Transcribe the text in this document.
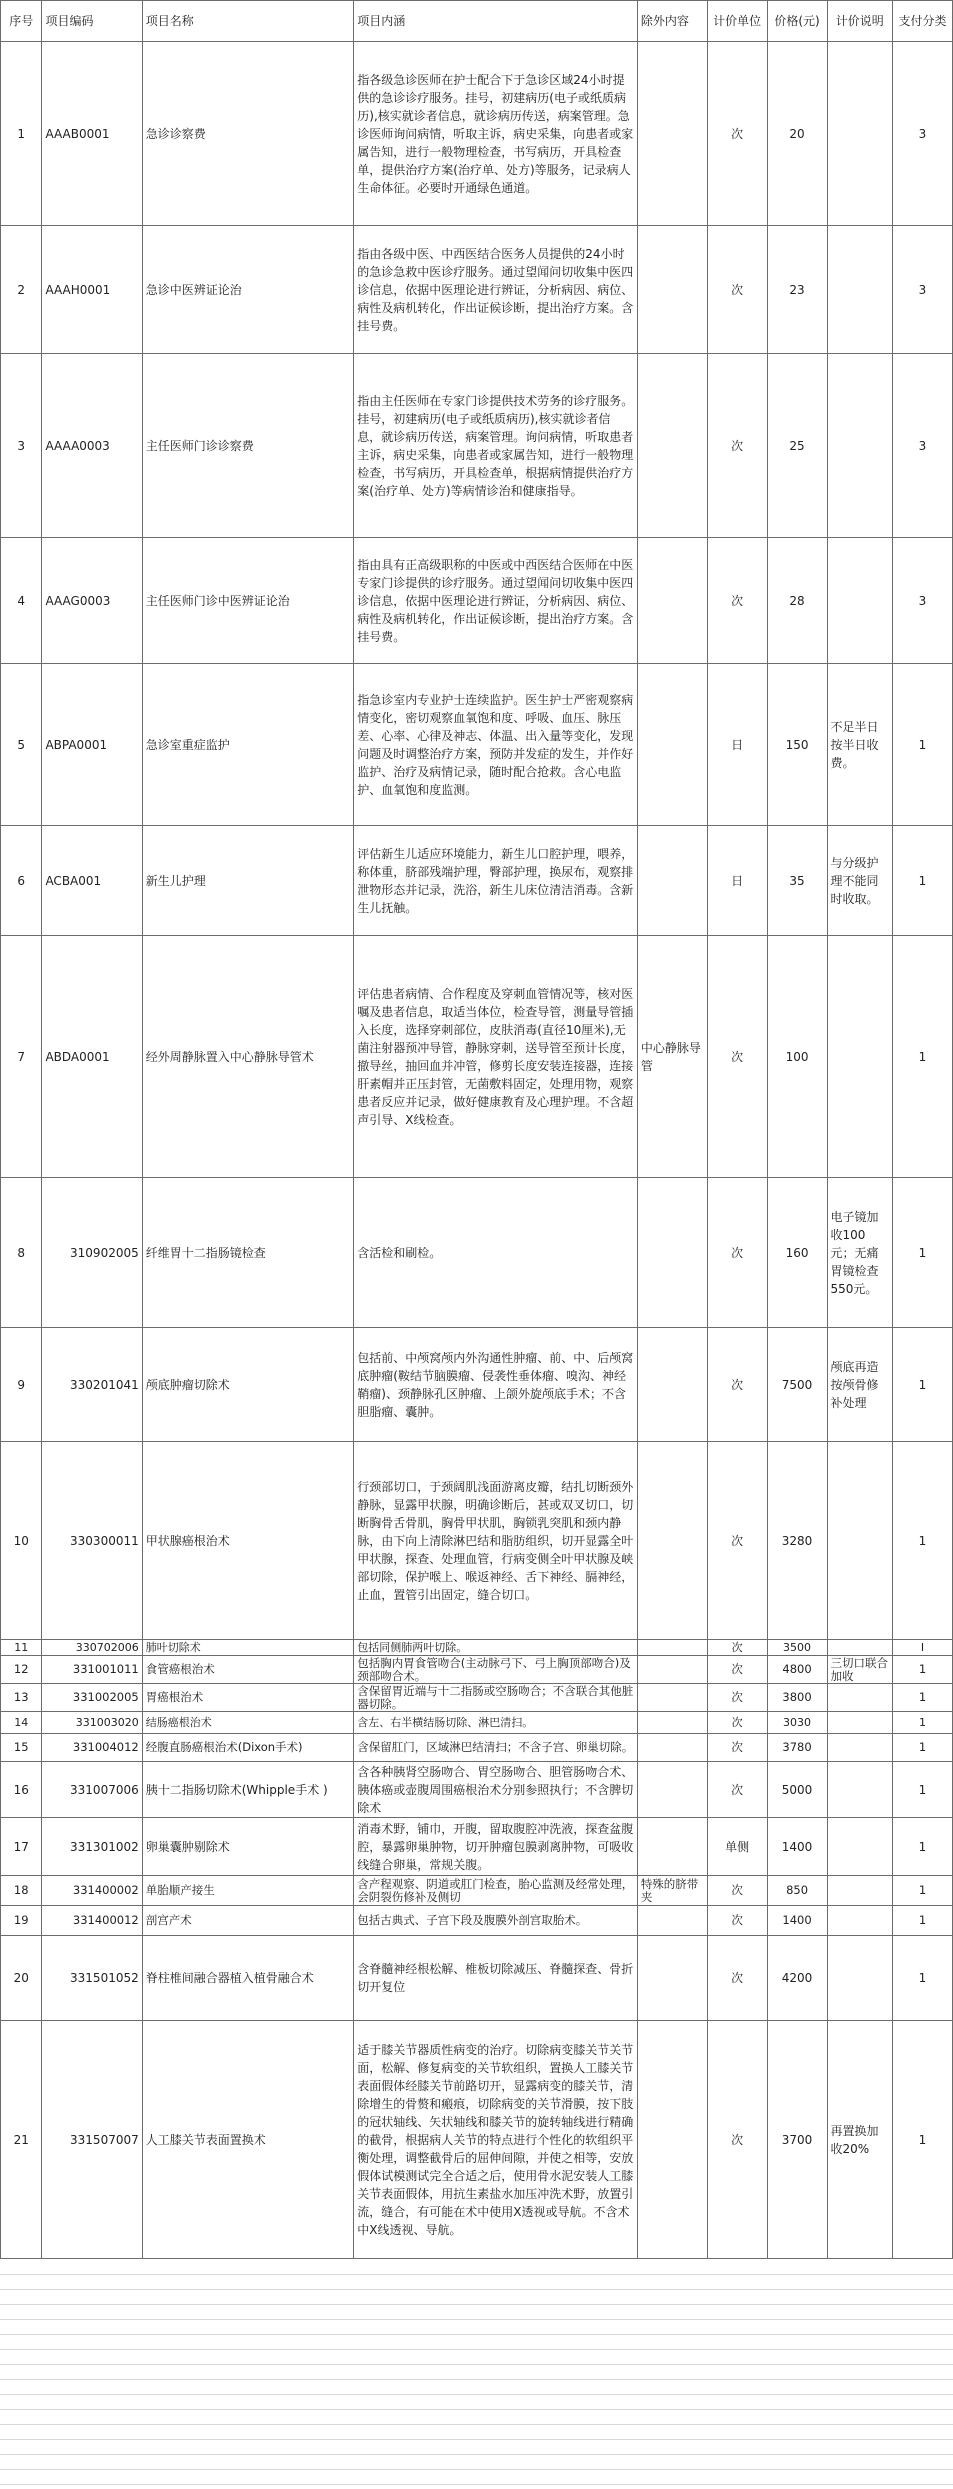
序号	项目编码	项目名称	项目内涵	除外内容	计价单位	价格(元)	计价说明	支付分类
1	AAAB0001	急诊诊察费	指各级急诊医师在护士配合下于急诊区域24小时提供的急诊诊疗服务。挂号，初建病历(电子或纸质病历),核实就诊者信息，就诊病历传送，病案管理。急诊医师询问病情，听取主诉，病史采集，向患者或家属告知，进行一般物理检查，书写病历，开具检查单，提供治疗方案(治疗单、处方)等服务，记录病人生命体征。必要时开通绿色通道。		次	20		3
2	AAAH0001	急诊中医辨证论治	指由各级中医、中西医结合医务人员提供的24小时的急诊急救中医诊疗服务。通过望闻问切收集中医四诊信息，依据中医理论进行辨证，分析病因、病位、病性及病机转化，作出证候诊断，提出治疗方案。含挂号费。		次	23		3
3	AAAA0003	主任医师门诊诊察费	指由主任医师在专家门诊提供技术劳务的诊疗服务。挂号，初建病历(电子或纸质病历),核实就诊者信息，就诊病历传送，病案管理。询问病情，听取患者主诉，病史采集，向患者或家属告知，进行一般物理检查，书写病历，开具检查单，根据病情提供治疗方案(治疗单、处方)等病情诊治和健康指导。		次	25		3
4	AAAG0003	主任医师门诊中医辨证论治	指由具有正高级职称的中医或中西医结合医师在中医专家门诊提供的诊疗服务。通过望闻问切收集中医四诊信息，依据中医理论进行辨证，分析病因、病位、病性及病机转化，作出证候诊断，提出治疗方案。含挂号费。		次	28		3
5	ABPA0001	急诊室重症监护	指急诊室内专业护士连续监护。医生护士严密观察病情变化，密切观察血氧饱和度、呼吸、血压、脉压差、心率、心律及神志、体温、出入量等变化，发现问题及时调整治疗方案，预防并发症的发生，并作好监护、治疗及病情记录，随时配合抢救。含心电监护、血氧饱和度监测。		日	150	不足半日按半日收费。	1
6	ACBA001	新生儿护理	评估新生儿适应环境能力，新生儿口腔护理，喂养，称体重，脐部残端护理，臀部护理，换尿布，观察排泄物形态并记录，洗浴，新生儿床位清洁消毒。含新生儿抚触。		日	35	与分级护理不能同时收取。	1
7	ABDA0001	经外周静脉置入中心静脉导管术	评估患者病情、合作程度及穿刺血管情况等，核对医嘱及患者信息，取适当体位，检查导管，测量导管插入长度，选择穿刺部位，皮肤消毒(直径10厘米),无菌注射器预冲导管，静脉穿刺，送导管至预计长度，撤导丝，抽回血并冲管，修剪长度安装连接器，连接肝素帽并正压封管，无菌敷料固定，处理用物，观察患者反应并记录，做好健康教育及心理护理。不含超声引导、X线检查。	中心静脉导管	次	100		1
8	310902005	纤维胃十二指肠镜检查	含活检和刷检。		次	160	电子镜加收100元；无痛胃镜检查550元。	1
9	330201041	颅底肿瘤切除术	包括前、中颅窝颅内外沟通性肿瘤、前、中、后颅窝底肿瘤(鞍结节脑膜瘤、侵袭性垂体瘤、嗅沟、神经鞘瘤)、颈静脉孔区肿瘤、上颌外旋颅底手术；不含胆脂瘤、囊肿。		次	7500	颅底再造按颅骨修补处理	1
10	330300011	甲状腺癌根治术	行颈部切口，于颈阔肌浅面游离皮瓣，结扎切断颈外静脉，显露甲状腺，明确诊断后，甚或双叉切口，切断胸骨舌骨肌，胸骨甲状肌，胸锁乳突肌和颈内静脉，由下向上清除淋巴结和脂肪组织，切开显露全叶甲状腺，探查、处理血管，行病变侧全叶甲状腺及峡部切除，保护喉上、喉返神经、舌下神经、膈神经，止血，置管引出固定，缝合切口。		次	3280		1
11	330702006	肺叶切除术	包括同侧肺两叶切除。		次	3500		I
12	331001011	食管癌根治术	包括胸内胃食管吻合(主动脉弓下、弓上胸顶部吻合)及颈部吻合术。		次	4800	三切口联合加收	1
13	331002005	胃癌根治术	含保留胃近端与十二指肠或空肠吻合；不含联合其他脏器切除。		次	3800		1
14	331003020	结肠癌根治术	含左、右半横结肠切除、淋巴清扫。		次	3030		1
15	331004012	经腹直肠癌根治术(Dixon手术)	含保留肛门，区域淋巴结清扫；不含子宫、卵巢切除。		次	3780		1
16	331007006	胰十二指肠切除术(Whipple手术 )	含各种胰肾空肠吻合、胃空肠吻合、胆管肠吻合术、胰体癌或壶腹周围癌根治术分别参照执行；不含脾切除术		次	5000		1
17	331301002	卵巢囊肿剔除术	消毒术野，铺巾，开腹，留取腹腔冲洗液，探查盆腹腔，暴露卵巢肿物，切开肿瘤包膜剥离肿物，可吸收线缝合卵巢，常规关腹。		单侧	1400		1
18	331400002	单胎顺产接生	含产程观察、阴道或肛门检查，胎心监测及经常处理，会阴裂伤修补及侧切	特殊的脐带夹	次	850		1
19	331400012	剖宫产术	包括古典式、子宫下段及腹膜外剖宫取胎术。		次	1400		1
20	331501052	脊柱椎间融合器植入植骨融合术	含脊髓神经根松解、椎板切除减压、脊髓探查、骨折切开复位		次	4200		1
21	331507007	人工膝关节表面置换术	适于膝关节器质性病变的治疗。切除病变膝关节关节面，松解、修复病变的关节软组织，置换人工膝关节表面假体经膝关节前路切开，显露病变的膝关节，清除增生的骨赘和瘢痕，切除病变的关节滑膜，按下肢的冠状轴线、矢状轴线和膝关节的旋转轴线进行精确的截骨，根据病人关节的特点进行个性化的软组织平衡处理，调整截骨后的屈伸间隙，并使之相等，安放假体试模测试完全合适之后，使用骨水泥安装人工膝关节表面假体，用抗生素盐水加压冲洗术野，放置引流，缝合，有可能在术中使用X透视或导航。不含术中X线透视、导航。		次	3700	再置换加收20%	1
